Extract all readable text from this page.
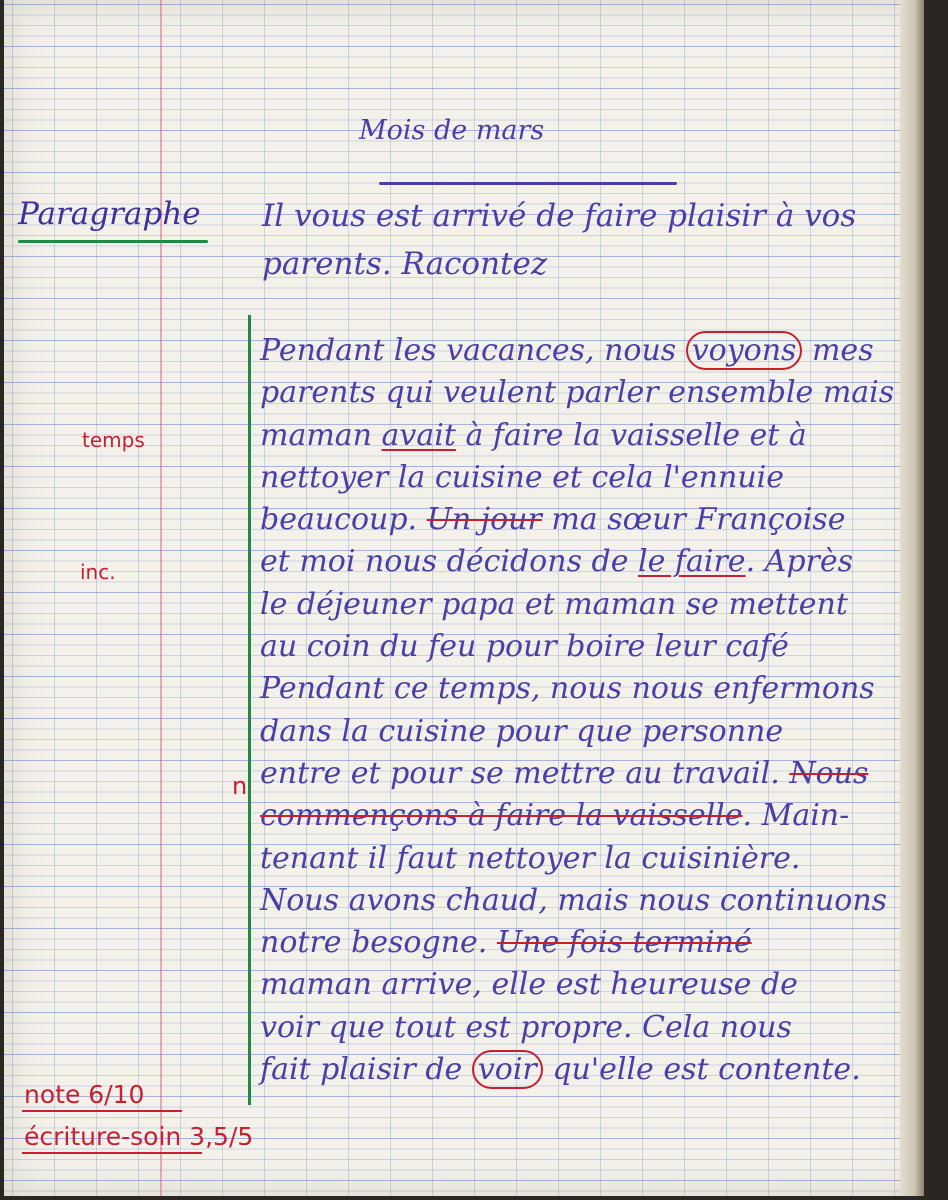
Mois de mars
Paragraphe Il vous est arrivé de faire plaisir à vos
parents. Racontez
temps
inc.
n
Pendant les vacances, nous voyons mes
parents qui veulent parler ensemble mais
maman avait à faire la vaisselle et à
nettoyer la cuisine et cela l'ennuie
beaucoup. Un jour ma sœur Françoise
et moi nous décidons de le faire. Après
le déjeuner papa et maman se mettent
au coin du feu pour boire leur café
Pendant ce temps, nous nous enfermons
dans la cuisine pour que personne
entre et pour se mettre au travail. Nous
commençons à faire la vaisselle. Main-
tenant il faut nettoyer la cuisinière.
Nous avons chaud, mais nous continuons
notre besogne. Une fois terminé
maman arrive, elle est heureuse de
voir que tout est propre. Cela nous
fait plaisir de voir qu'elle est contente.
note 6/10
écriture-soin 3,5/5
